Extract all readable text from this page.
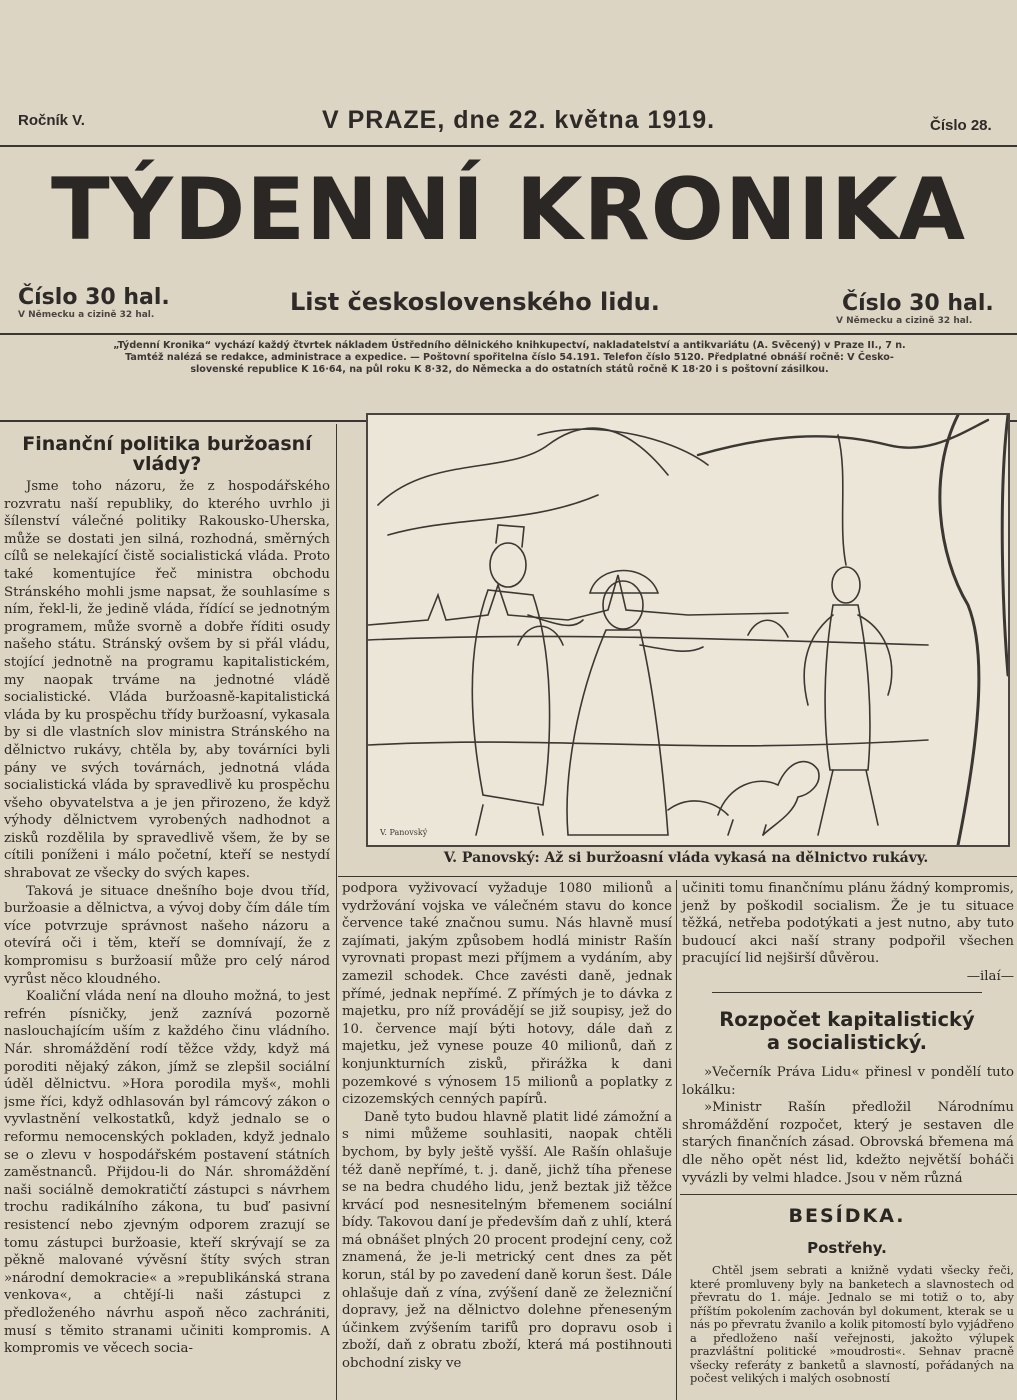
Ročník V.	V PRAZE, dne 22. května 1919.	Číslo 28.
TÝDENNÍ KRONIKA
Číslo 30 hal.
V Německu a cizině 32 hal.	List československého lidu.	Číslo 30 hal.
V Německu a cizině 32 hal.
„Týdenní Kronika“ vychází každý čtvrtek nákladem Ústředního dělnického knihkupectví, nakladatelství a antikvariátu (A. Svěcený) v Praze II., 7 n.
Tamtéž nalézá se redakce, administrace a expedice. — Poštovní spořitelna číslo 54.191. Telefon číslo 5120. Předplatné obnáší ročně: V Česko-
slovenské republice K 16·64, na půl roku K 8·32, do Německa a do ostatních států ročně K 18·20 i s poštovní zásilkou.
Finanční politika buržoasní vlády?

Jsme toho názoru, že z hospodářského rozvratu naší republiky, do kterého uvrhlo ji šílenství válečné politiky Rakousko-Uherska, může se dostati jen silná, rozhodná, směrných cílů se nelekající čistě socialistická vláda. Proto také komentujíce řeč ministra obchodu Stránského mohli jsme napsat, že souhlasíme s ním, řekl-li, že jedině vláda, řídící se jednotným programem, může svorně a dobře říditi osudy našeho státu. Stránský ovšem by si přál vládu, stojící jednotně na programu kapitalistickém, my naopak trváme na jednotné vládě socialistické. Vláda buržoasně-kapitalistická vláda by ku prospěchu třídy buržoasní, vykasala by si dle vlastních slov ministra Stránského na dělnictvo rukávy, chtěla by, aby továrníci byli pány ve svých továrnách, jednotná vláda socialistická vláda by spravedlivě ku prospěchu všeho obyvatelstva a je jen přirozeno, že když výhody dělnictvem vyrobených nadhodnot a zisků rozdělila by spravedlivě všem, že by se cítili poníženi i málo početní, kteří se nestydí shrabovat ze všecky do svých kapes.

Taková je situace dnešního boje dvou tříd, buržoasie a dělnictva, a vývoj doby čím dále tím více potvrzuje správnost našeho názoru a otevírá oči i těm, kteří se domnívají, že z kompromisu s buržoasií může pro celý národ vyrůst něco kloudného.

Koaliční vláda není na dlouho možná, to jest refrén písničky, jenž zaznívá pozorně naslouchajícím uším z každého činu vládního. Nár. shromáždění rodí těžce vždy, když má poroditi nějaký zákon, jímž se zlepšil sociální úděl dělnictvu. »Hora porodila myš«, mohli jsme říci, když odhlasován byl rámcový zákon o vyvlastnění velkostatků, když jednalo se o reformu nemocenských pokladen, když jednalo se o zlevu v hospodářském postavení státních zaměstnanců. Přijdou-li do Nár. shromáždění naši sociálně demokratičtí zástupci s návrhem trochu radikálního zákona, tu buď pasivní resistencí nebo zjevným odporem zrazují se tomu zástupci buržoasie, kteří skrývají se za pěkně malované vývěsní štíty svých stran »národní demokracie« a »republikánská strana venkova«, a chtějí-li naši zástupci z předloženého návrhu aspoň něco zachrániti, musí s těmito stranami učiniti kompromis. A kompromis ve věcech socia-

V. Panovský
V. Panovský: Až si buržoasní vláda vykasá na dělnictvo rukávy.

podpora vyživovací vyžaduje 1080 milionů a vydržování vojska ve válečném stavu do konce července také značnou sumu. Nás hlavně musí zajímati, jakým způsobem hodlá ministr Rašín vyrovnati propast mezi příjmem a vydáním, aby zamezil schodek. Chce zavésti daně, jednak přímé, jednak nepřímé. Z přímých je to dávka z majetku, pro níž provádějí se již soupisy, jež do 10. července mají býti hotovy, dále daň z majetku, jež vynese pouze 40 milionů, daň z konjunkturních zisků, přirážka k dani pozemkové s výnosem 15 milionů a poplatky z cizozemských cenných papírů.

Daně tyto budou hlavně platit lidé zámožní a s nimi můžeme souhlasiti, naopak chtěli bychom, by byly ještě vyšší. Ale Rašín ohlašuje též daně nepřímé, t. j. daně, jichž tíha přenese se na bedra chudého lidu, jenž beztak již těžce krvácí pod nesnesitelným břemenem sociální bídy. Takovou daní je především daň z uhlí, která má obnášet plných 20 procent prodejní ceny, což znamená, že je-li metrický cent dnes za pět korun, stál by po zavedení daně korun šest. Dále ohlašuje daň z vína, zvýšení daně ze železniční dopravy, jež na dělnictvo dolehne přeneseným účinkem zvýšením tarifů pro dopravu osob i zboží, daň z obratu zboží, která má postihnouti obchodní zisky ve

učiniti tomu finančnímu plánu žádný kompromis, jenž by poškodil socialism. Že je tu situace těžká, netřeba podotýkati a jest nutno, aby tuto budoucí akci naší strany podpořil všechen pracující lid nejširší důvěrou.

—ilaí—

Rozpočet kapitalistický
a socialistický.

»Večerník Práva Lidu« přinesl v pondělí tuto lokálku:

»Ministr Rašín předložil Národnímu shromáždění rozpočet, který je sestaven dle starých finančních zásad. Obrovská břemena má dle něho opět nést lid, kdežto největší boháči vyvázli by velmi hladce. Jsou v něm různá

BESÍDKA.
Postřehy.

Chtěl jsem sebrati a knižně vydati všecky řeči, které promluveny byly na banketech a slavnostech od převratu do 1. máje. Jednalo se mi totiž o to, aby příštím pokolením zachován byl dokument, kterak se u nás po převratu žvanilo a kolik pitomostí bylo vyjádřeno a předloženo naší veřejnosti, jakožto výlupek prazvláštní politické »moudrosti«. Sehnav pracně všecky referáty z banketů a slavností, pořádaných na počest velikých i malých osobností
